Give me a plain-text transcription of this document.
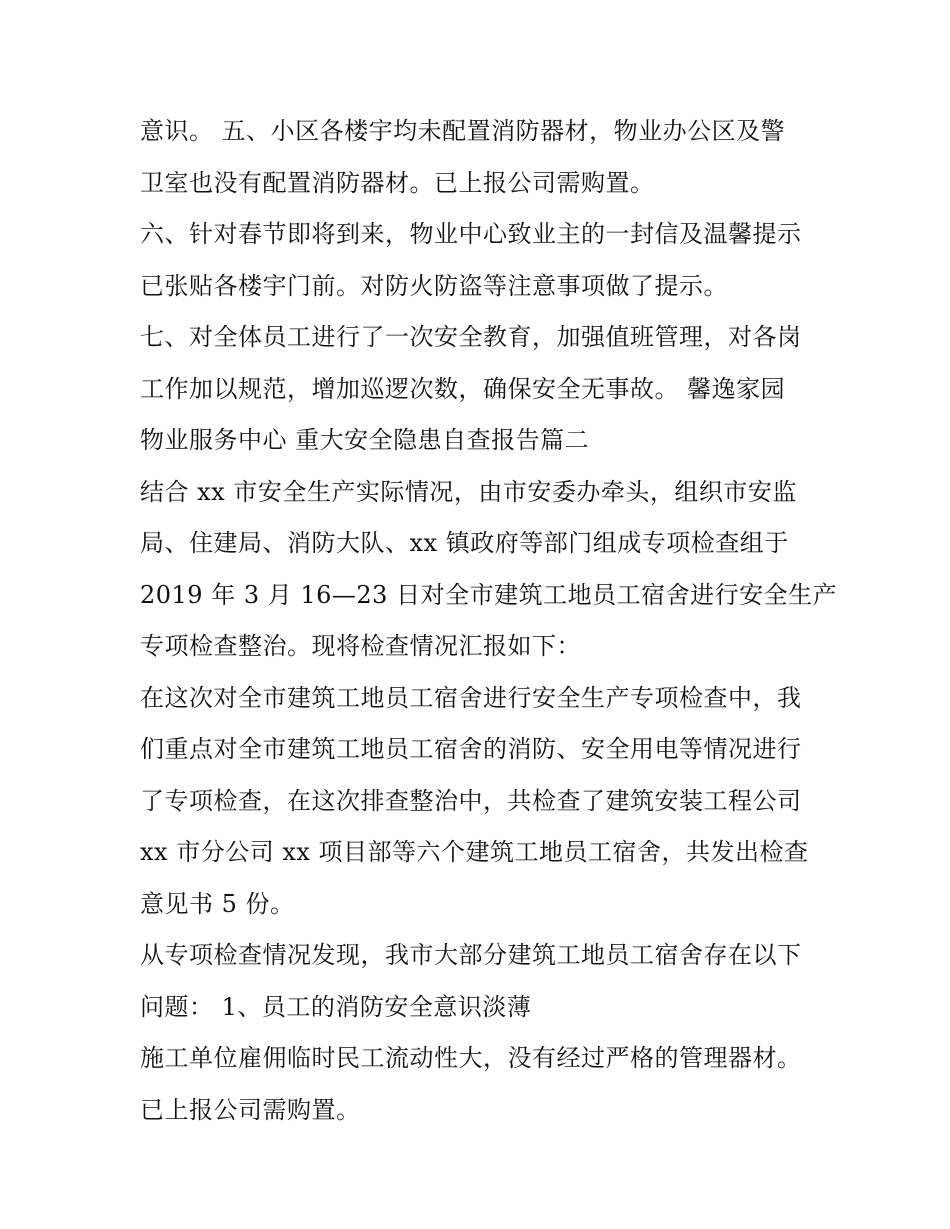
意识。 五、小区各楼宇均未配置消防器材，物业办公区及警
卫室也没有配置消防器材。已上报公司需购置。
六、针对春节即将到来，物业中心致业主的一封信及温馨提示
已张贴各楼宇门前。对防火防盗等注意事项做了提示。
七、对全体员工进行了一次安全教育，加强值班管理，对各岗
工作加以规范，增加巡逻次数，确保安全无事故。 馨逸家园
物业服务中心 重大安全隐患自查报告篇二
结合 xx 市安全生产实际情况，由市安委办牵头，组织市安监
局、住建局、消防大队、xx 镇政府等部门组成专项检查组于
2019 年 3 月 16—23 日对全市建筑工地员工宿舍进行安全生产
专项检查整治。现将检查情况汇报如下：
在这次对全市建筑工地员工宿舍进行安全生产专项检查中，我
们重点对全市建筑工地员工宿舍的消防、安全用电等情况进行
了专项检查，在这次排查整治中，共检查了建筑安装工程公司
xx 市分公司 xx 项目部等六个建筑工地员工宿舍，共发出检查
意见书 5 份。
从专项检查情况发现，我市大部分建筑工地员工宿舍存在以下
问题： 1、员工的消防安全意识淡薄
施工单位雇佣临时民工流动性大，没有经过严格的管理器材。
已上报公司需购置。
